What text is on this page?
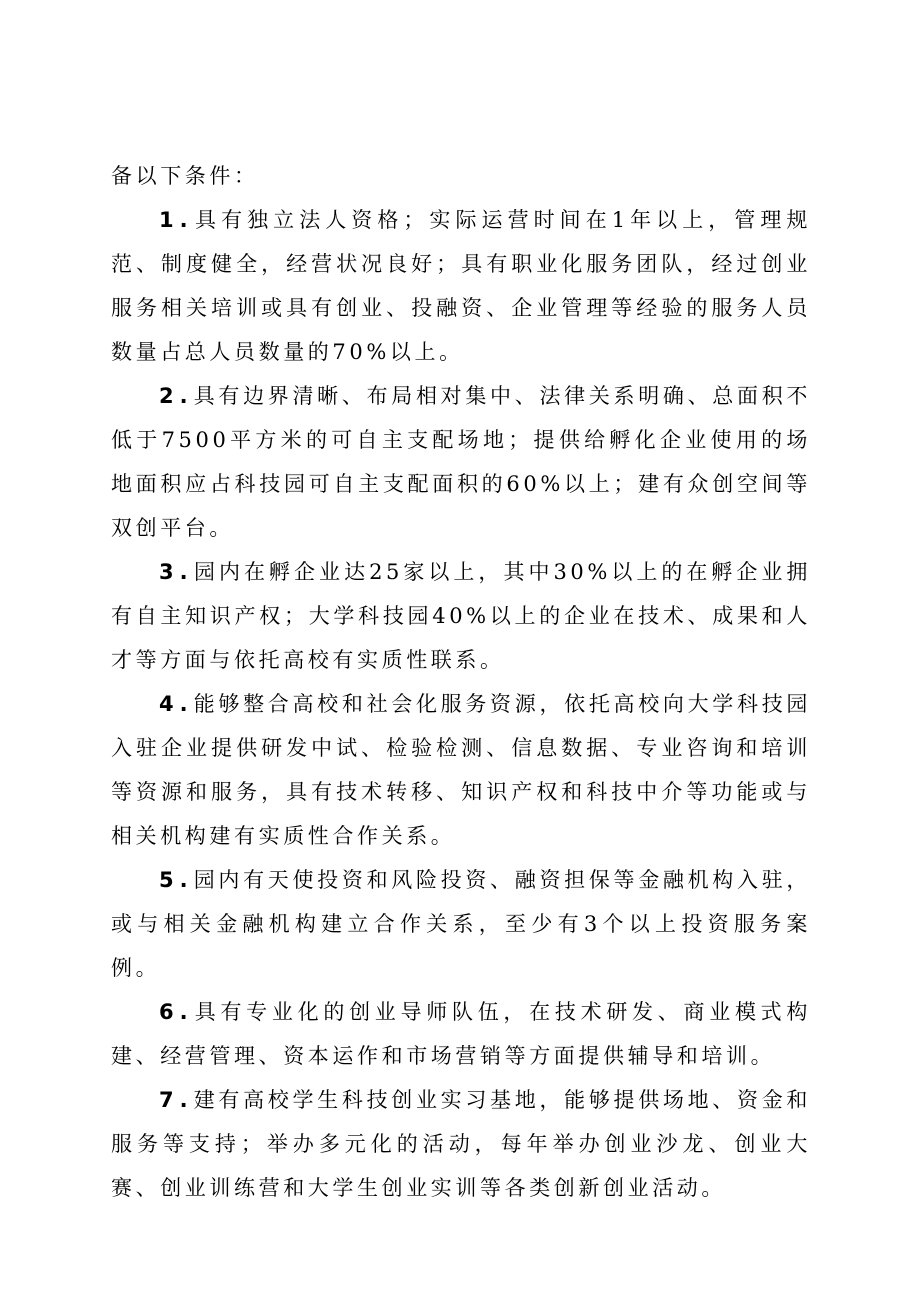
备以下条件：

1.具有独立法人资格；实际运营时间在1年以上，管理规范、制度健全，经营状况良好；具有职业化服务团队，经过创业服务相关培训或具有创业、投融资、企业管理等经验的服务人员数量占总人员数量的70%以上。

2.具有边界清晰、布局相对集中、法律关系明确、总面积不低于7500平方米的可自主支配场地；提供给孵化企业使用的场地面积应占科技园可自主支配面积的60%以上；建有众创空间等双创平台。

3.园内在孵企业达25家以上，其中30%以上的在孵企业拥有自主知识产权；大学科技园40%以上的企业在技术、成果和人才等方面与依托高校有实质性联系。

4.能够整合高校和社会化服务资源，依托高校向大学科技园入驻企业提供研发中试、检验检测、信息数据、专业咨询和培训等资源和服务，具有技术转移、知识产权和科技中介等功能或与相关机构建有实质性合作关系。

5.园内有天使投资和风险投资、融资担保等金融机构入驻，或与相关金融机构建立合作关系，至少有3个以上投资服务案例。

6.具有专业化的创业导师队伍，在技术研发、商业模式构建、经营管理、资本运作和市场营销等方面提供辅导和培训。

7.建有高校学生科技创业实习基地，能够提供场地、资金和服务等支持；举办多元化的活动，每年举办创业沙龙、创业大赛、创业训练营和大学生创业实训等各类创新创业活动。
